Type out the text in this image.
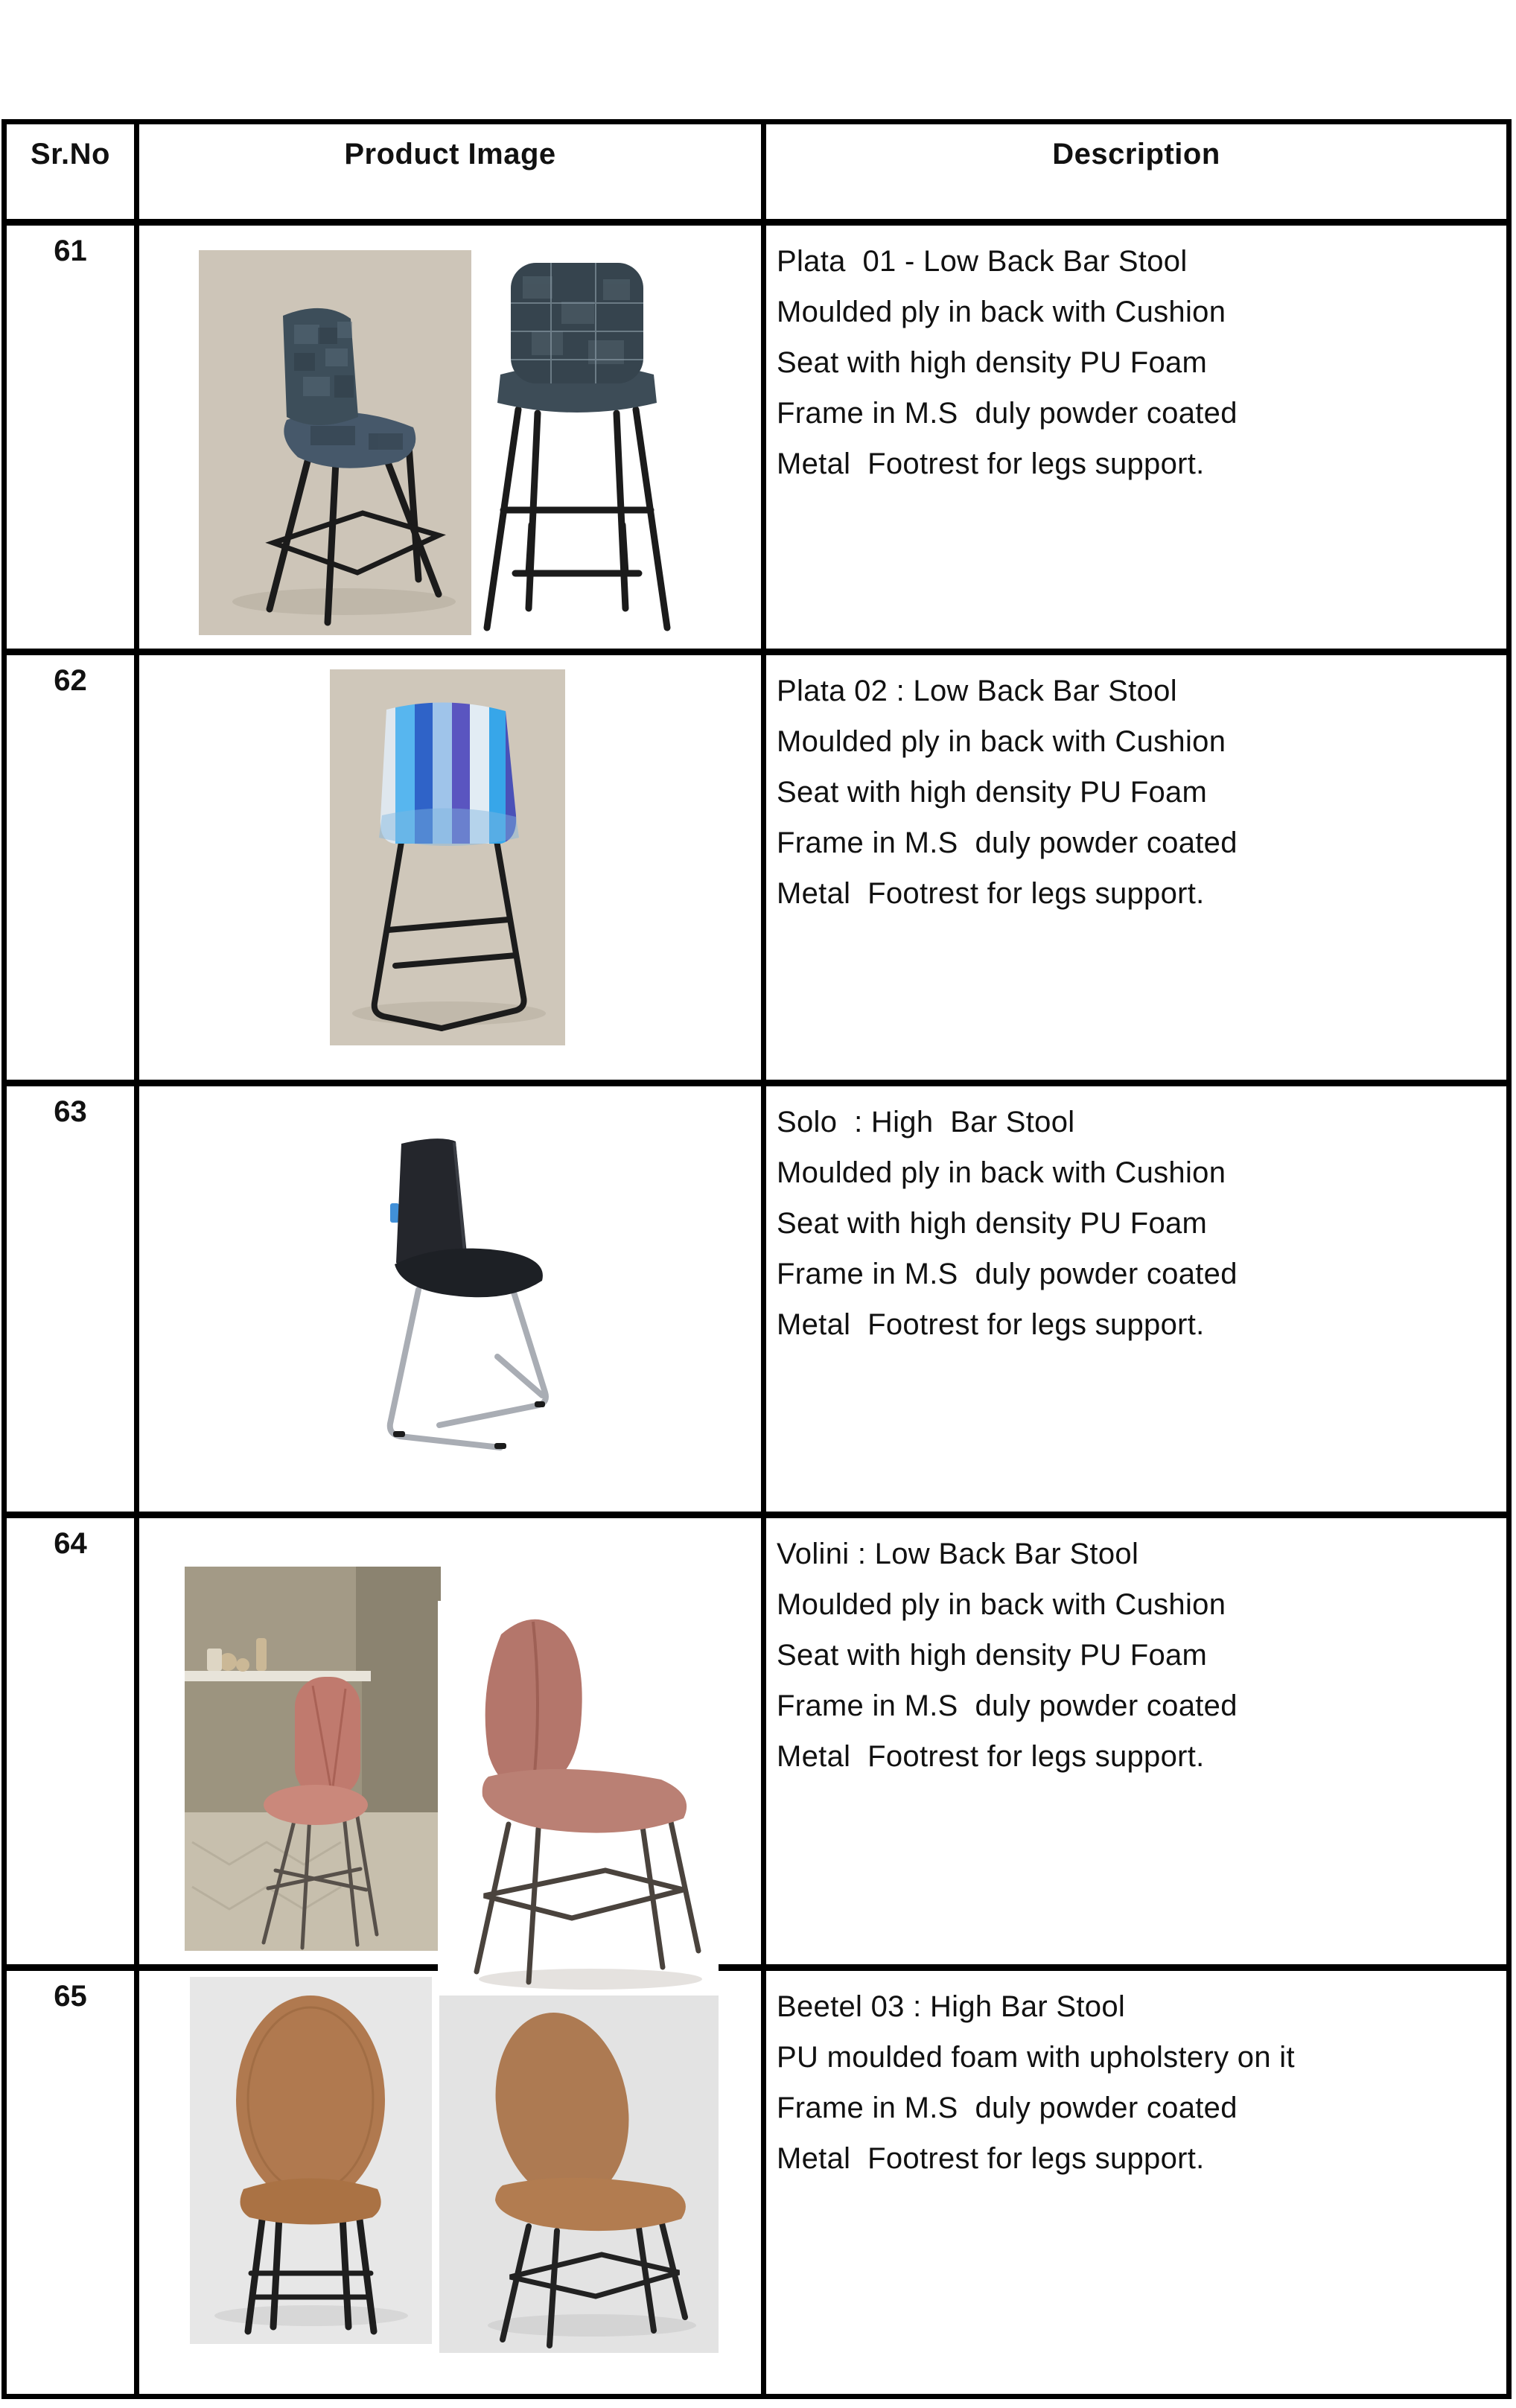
Sr.No	Product Image	Description
61	Plata  01 - Low Back Bar Stool
Moulded ply in back with Cushion
Seat with high density PU Foam
Frame in M.S  duly powder coated
Metal  Footrest for legs support.
62	Plata 02 : Low Back Bar Stool
Moulded ply in back with Cushion
Seat with high density PU Foam
Frame in M.S  duly powder coated
Metal  Footrest for legs support.
63	Solo  : High  Bar Stool
Moulded ply in back with Cushion
Seat with high density PU Foam
Frame in M.S  duly powder coated
Metal  Footrest for legs support.
64	Volini : Low Back Bar Stool
Moulded ply in back with Cushion
Seat with high density PU Foam
Frame in M.S  duly powder coated
Metal  Footrest for legs support.
65	Beetel 03 : High Bar Stool
PU moulded foam with upholstery on it
Frame in M.S  duly powder coated
Metal  Footrest for legs support.
